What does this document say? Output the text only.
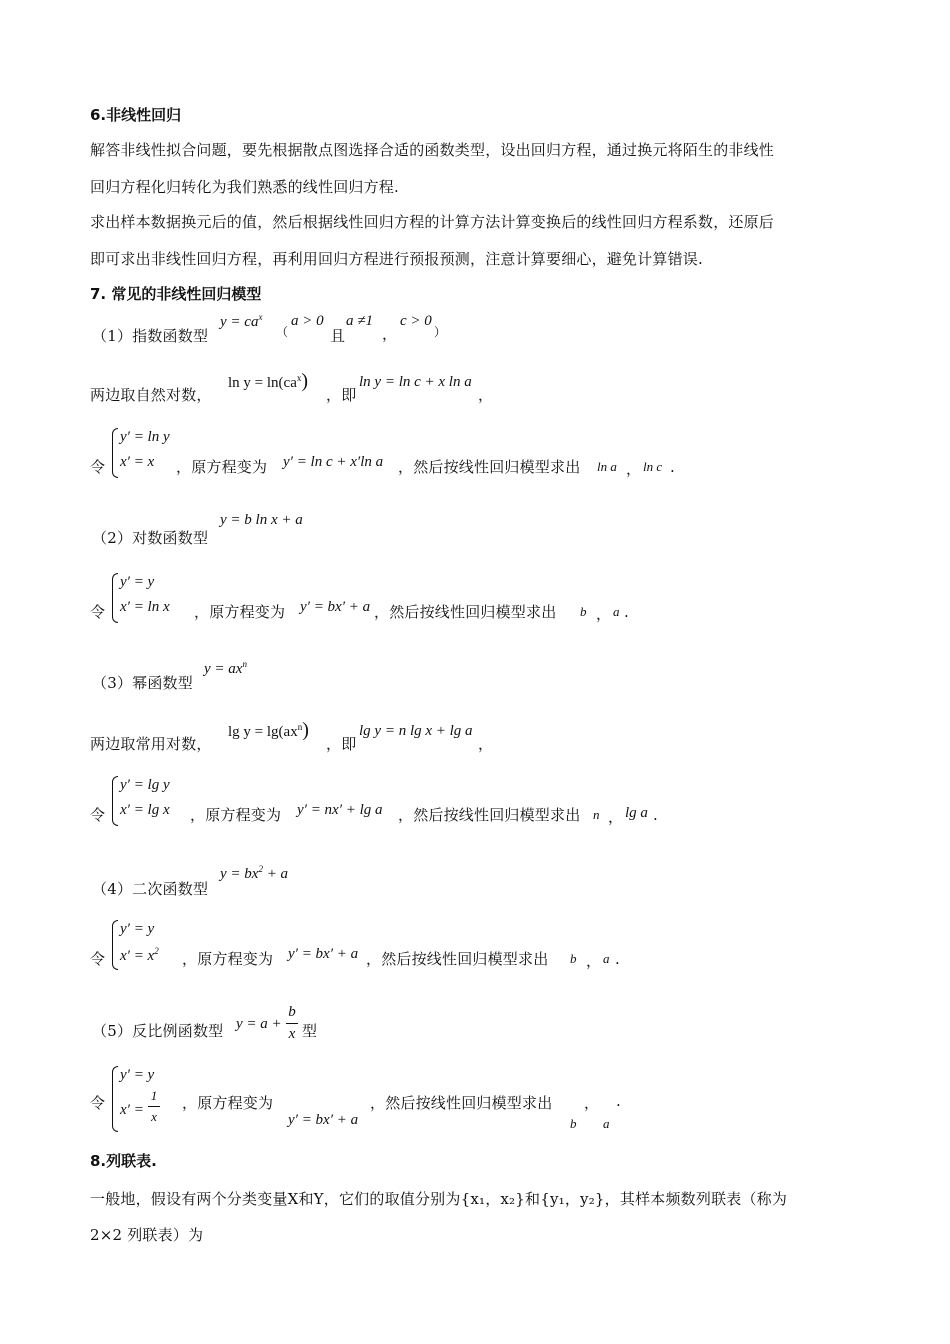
6.非线性回归
解答非线性拟合问题，要先根据散点图选择合适的函数类型，设出回归方程，通过换元将陌生的非线性
回归方程化归转化为我们熟悉的线性回归方程.
求出样本数据换元后的值，然后根据线性回归方程的计算方法计算变换后的线性回归方程系数，还原后
即可求出非线性回归方程，再利用回归方程进行预报预测，注意计算要细心，避免计算错误.
7. 常见的非线性回归模型
（1）指数函数型
$y = ca^x$
（
a > 0
且
a ≠1
，
c > 0
）
两边取自然对数，
$\ln y = \ln(ca^x)$
，即
ln y = ln c + x ln a
，
令
y′ = ln y
x′ = x ，原方程变为 y′ = ln c + x′ln a ，然后按线性回归模型求出 ln a ， ln c .
（2）对数函数型
y = b ln x + a
令
y′ = y
x′ = ln x ，原方程变为 y′ = bx′ + a ，然后按线性回归模型求出 b ， a .
（3）幂函数型
$y = ax^n$
两边取常用对数，
$\lg y = \lg(ax^n)$
，即
lg y = n lg x + lg a
，
令
y′ = lg y
x′ = lg x ，原方程变为 y′ = nx′ + lg a ，然后按线性回归模型求出 n ， lg a .
（4）二次函数型
$y = bx^2 + a$
令
y′ = y
$x' = x^2$ ，原方程变为 y′ = bx′ + a ，然后按线性回归模型求出 b ， a .
（5）反比例函数型 y = a +
b
x 型
令
y′ = y
x′ =
1
x
，原方程变为
y′ = bx′ + a
，然后按线性回归模型求出 ， .
b a
8.列联表.
一般地，假设有两个分类变量X和Y，它们的取值分别为{x₁，x₂}和{y₁，y₂}，其样本频数列联表（称为
2×2 列联表）为
